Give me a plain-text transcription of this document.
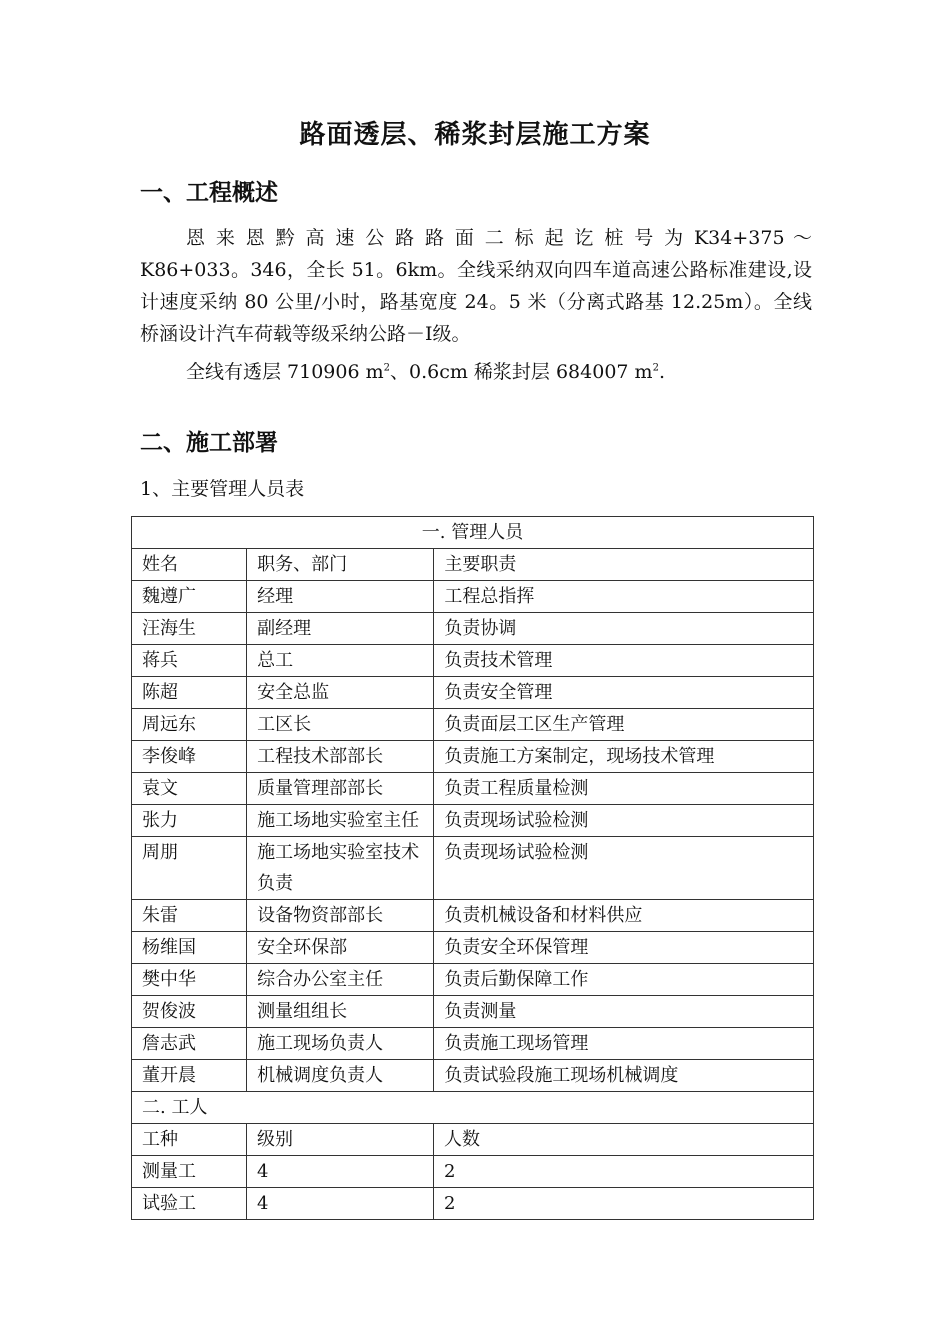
路面透层、稀浆封层施工方案
一、工程概述

恩 来 恩 黔 高 速 公 路 路 面 二 标 起 讫 桩 号 为 K34+375 ～ K86+033。346，全长 51。6km。全线采纳双向四车道高速公路标准建设,设计速度采纳 80 公里/小时，路基宽度 24。5 米（分离式路基 12.25m）。全线桥涵设计汽车荷载等级采纳公路－Ⅰ级。

全线有透层 710906 $m^2$、0.6cm 稀浆封层 684007 $m^2$.

二、施工部署
1、主要管理人员表
一. 管理人员		
姓名	职务、部门	主要职责
魏遵广	经理	工程总指挥
汪海生	副经理	负责协调
蒋兵	总工	负责技术管理
陈超	安全总监	负责安全管理
周远东	工区长	负责面层工区生产管理
李俊峰	工程技术部部长	负责施工方案制定，现场技术管理
袁文	质量管理部部长	负责工程质量检测
张力	施工场地实验室主任	负责现场试验检测
周朋	施工场地实验室技术负责	负责现场试验检测
朱雷	设备物资部部长	负责机械设备和材料供应
杨维国	安全环保部	负责安全环保管理
樊中华	综合办公室主任	负责后勤保障工作
贺俊波	测量组组长	负责测量
詹志武	施工现场负责人	负责施工现场管理
董开晨	机械调度负责人	负责试验段施工现场机械调度
二. 工人		

工种 级别 人数		

测量工 4 2		

试验工 4 2		
